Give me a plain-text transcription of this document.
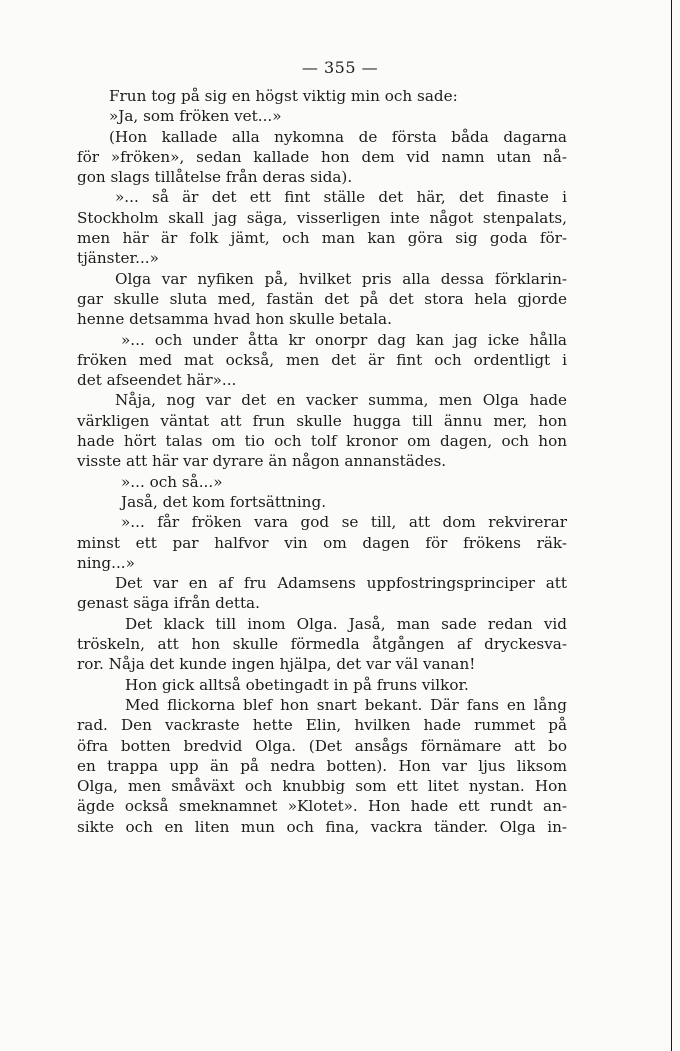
— 355 —
Frun tog på sig en högst viktig min och sade:
»Ja, som fröken vet...»
(Hon kallade alla nykomna de första båda dagarna
för »fröken», sedan kallade hon dem vid namn utan nå-
gon slags tillåtelse från deras sida).
»... så är det ett fint ställe det här, det finaste i
Stockholm skall jag säga, visserligen inte något stenpalats,
men här är folk jämt, och man kan göra sig goda för-
tjänster...»
Olga var nyfiken på, hvilket pris alla dessa förklarin-
gar skulle sluta med, fastän det på det stora hela gjorde
henne detsamma hvad hon skulle betala.
»... och under åtta kr onorpr dag kan jag icke hålla
fröken med mat också, men det är fint och ordentligt i
det afseendet här»...
Nåja, nog var det en vacker summa, men Olga hade
värkligen väntat att frun skulle hugga till ännu mer, hon
hade hört talas om tio och tolf kronor om dagen, och hon
visste att här var dyrare än någon annanstädes.
»... och så...»
Jaså, det kom fortsättning.
»... får fröken vara god se till, att dom rekvirerar
minst ett par halfvor vin om dagen för frökens räk-
ning...»
Det var en af fru Adamsens uppfostringsprinciper att
genast säga ifrån detta.
Det klack till inom Olga. Jaså, man sade redan vid
tröskeln, att hon skulle förmedla åtgången af dryckesva-
ror. Nåja det kunde ingen hjälpa, det var väl vanan!
Hon gick alltså obetingadt in på fruns vilkor.
Med flickorna blef hon snart bekant. Där fans en lång
rad. Den vackraste hette Elin, hvilken hade rummet på
öfra botten bredvid Olga. (Det ansågs förnämare att bo
en trappa upp än på nedra botten). Hon var ljus liksom
Olga, men småväxt och knubbig som ett litet nystan. Hon
ägde också smeknamnet »Klotet». Hon hade ett rundt an-
sikte och en liten mun och fina, vackra tänder. Olga in-
